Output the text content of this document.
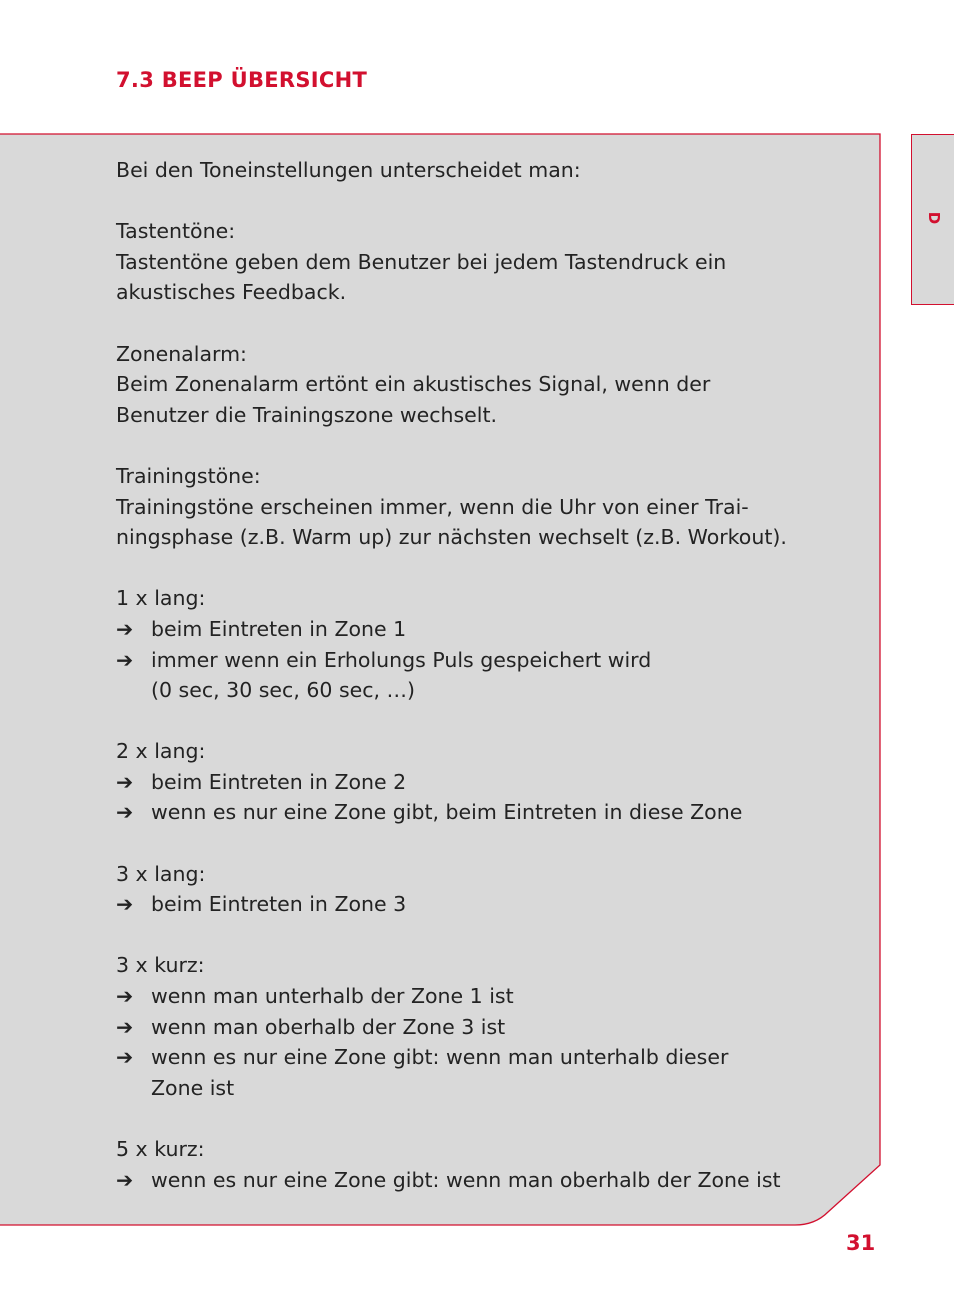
7.3 BEEP ÜBERSICHT
D
Bei den Toneinstellungen unterscheidet man:
Tastentöne:
Tastentöne geben dem Benutzer bei jedem Tastendruck ein
akustisches Feedback.
Zonenalarm:
Beim Zonenalarm ertönt ein akustisches Signal, wenn der
Benutzer die Trainingszone wechselt.
Trainingstöne:
Trainingstöne erscheinen immer, wenn die Uhr von einer Trai-
ningsphase (z.B. Warm up) zur nächsten wechselt (z.B. Workout).
1 x lang:
➔ beim Eintreten in Zone 1
➔ immer wenn ein Erholungs Puls gespeichert wird
(0 sec, 30 sec, 60 sec, …)
2 x lang:
➔ beim Eintreten in Zone 2
➔ wenn es nur eine Zone gibt, beim Eintreten in diese Zone
3 x lang:
➔ beim Eintreten in Zone 3
3 x kurz:
➔ wenn man unterhalb der Zone 1 ist
➔ wenn man oberhalb der Zone 3 ist
➔ wenn es nur eine Zone gibt: wenn man unterhalb dieser
Zone ist
5 x kurz:
➔ wenn es nur eine Zone gibt: wenn man oberhalb der Zone ist
31
